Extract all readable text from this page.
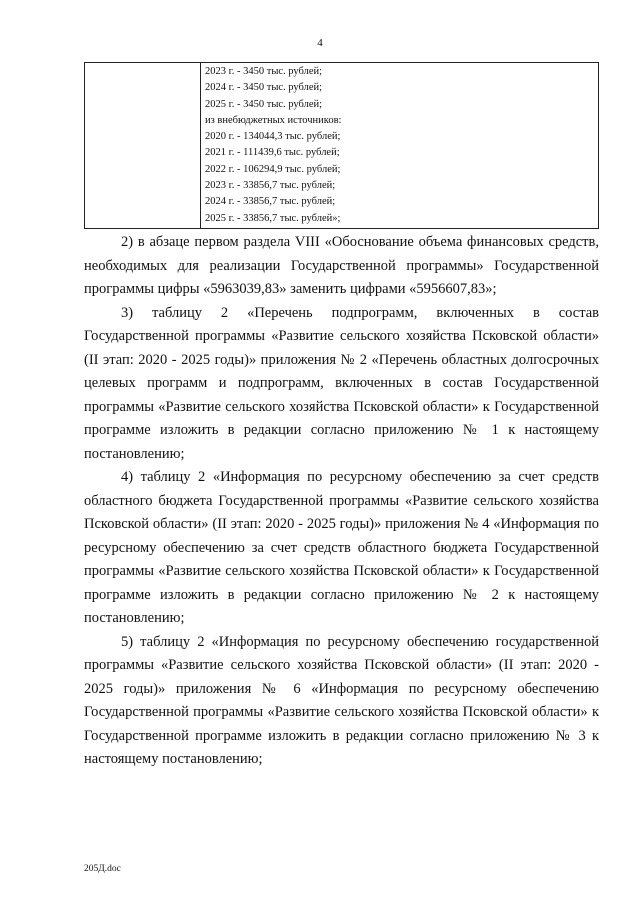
4
2023 г. - 3450 тыс. рублей;
2024 г. - 3450 тыс. рублей;
2025 г. - 3450 тыс. рублей;
из внебюджетных источников:
2020 г. - 134044,3 тыс. рублей;
2021 г. - 111439,6 тыс. рублей;
2022 г. - 106294,9 тыс. рублей;
2023 г. - 33856,7 тыс. рублей;
2024 г. - 33856,7 тыс. рублей;
2025 г. - 33856,7 тыс. рублей»;

2) в абзаце первом раздела VIII «Обоснование объема финансовых средств, необходимых для реализации Государственной программы» Государственной программы цифры «5963039,83» заменить цифрами «5956607,83»;

3) таблицу 2 «Перечень подпрограмм, включенных в состав Государственной программы «Развитие сельского хозяйства Псковской области» (II этап: 2020 - 2025 годы)» приложения № 2 «Перечень областных долгосрочных целевых программ и подпрограмм, включенных в состав Государственной программы «Развитие сельского хозяйства Псковской области» к Государственной программе изложить в редакции согласно приложению № 1 к настоящему постановлению;

4) таблицу 2 «Информация по ресурсному обеспечению за счет средств областного бюджета Государственной программы «Развитие сельского хозяйства Псковской области» (II этап: 2020 - 2025 годы)» приложения № 4 «Информация по ресурсному обеспечению за счет средств областного бюджета Государственной программы «Развитие сельского хозяйства Псковской области» к Государственной программе изложить в редакции согласно приложению № 2 к настоящему постановлению;

5) таблицу 2 «Информация по ресурсному обеспечению государственной программы «Развитие сельского хозяйства Псковской области» (II этап: 2020 - 2025 годы)» приложения № 6 «Информация по ресурсному обеспечению Государственной программы «Развитие сельского хозяйства Псковской области» к Государственной программе изложить в редакции согласно приложению № 3 к настоящему постановлению;

205Д.doc
